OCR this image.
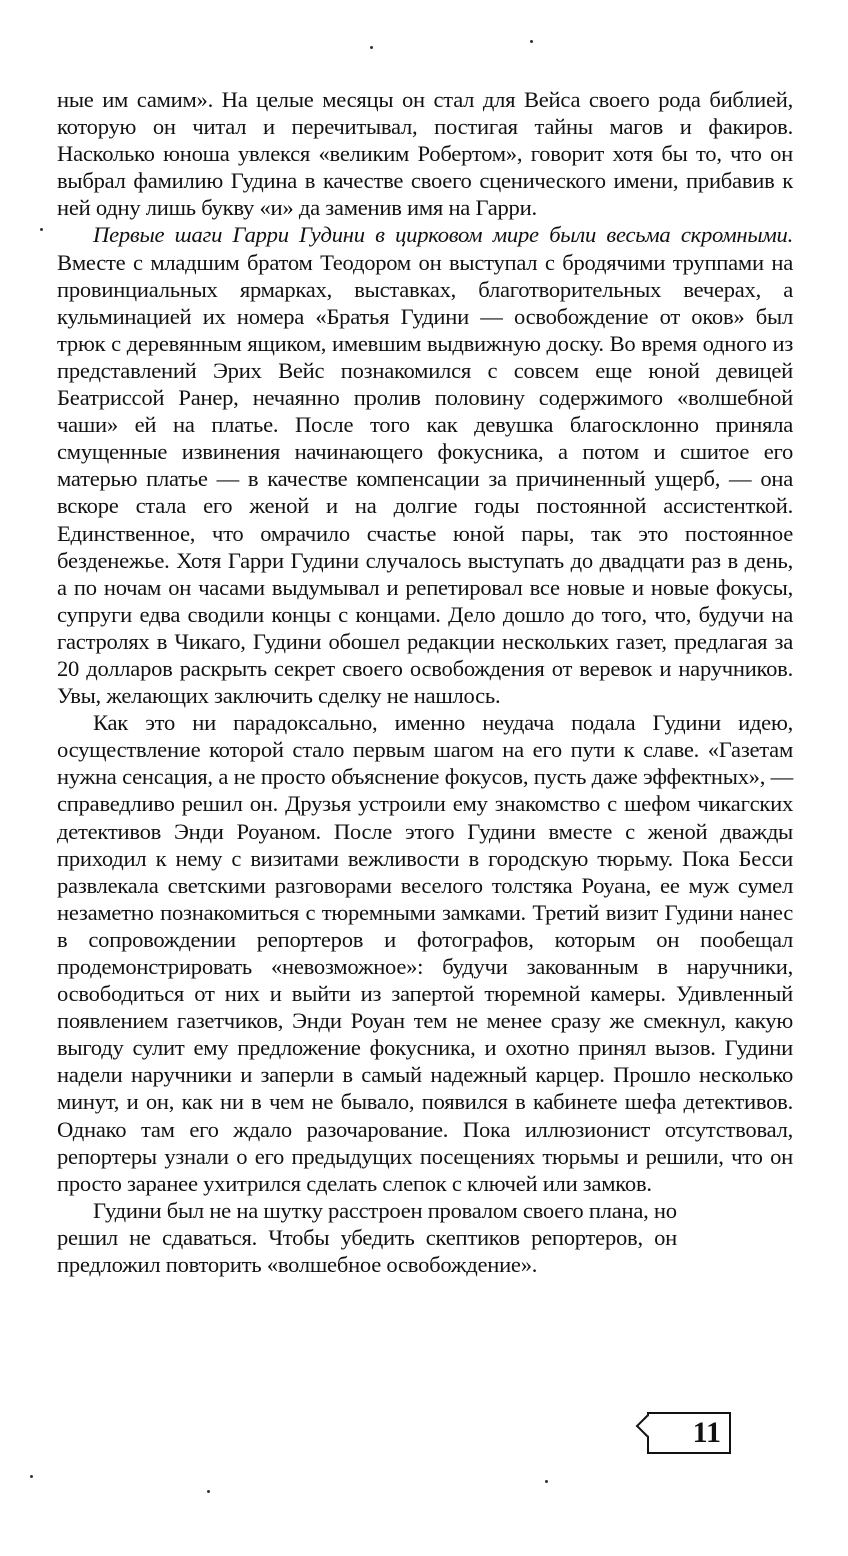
ные им самим». На целые месяцы он стал для Вейса своего рода библией, которую он читал и перечитывал, постигая тайны магов и факиров. Насколько юноша увлекся «великим Робертом», говорит хотя бы то, что он выбрал фамилию Гудина в качестве своего сценического имени, прибавив к ней одну лишь букву «и» да заменив имя на Гарри.

Первые шаги Гарри Гудини в цирковом мире были весьма скромными. Вместе с младшим братом Теодором он выступал с бродячими труппами на провинциальных ярмарках, выставках, благотворительных вечерах, а кульминацией их номера «Братья Гудини — освобождение от оков» был трюк с деревянным ящиком, имевшим выдвижную доску. Во время одного из представлений Эрих Вейс познакомился с совсем еще юной девицей Беатриссой Ранер, нечаянно пролив половину содержимого «волшебной чаши» ей на платье. После того как девушка благосклонно приняла смущенные извинения начинающего фокусника, а потом и сшитое его матерью платье — в качестве компенсации за причиненный ущерб, — она вскоре стала его женой и на долгие годы постоянной ассистенткой. Единственное, что омрачило счастье юной пары, так это постоянное безденежье. Хотя Гарри Гудини случалось выступать до двадцати раз в день, а по ночам он часами выдумывал и репетировал все новые и новые фокусы, супруги едва сводили концы с концами. Дело дошло до того, что, будучи на гастролях в Чикаго, Гудини обошел редакции нескольких газет, предлагая за 20 долларов раскрыть секрет своего освобождения от веревок и наручников. Увы, желающих заключить сделку не нашлось.

Как это ни парадоксально, именно неудача подала Гудини идею, осуществление которой стало первым шагом на его пути к славе. «Газетам нужна сенсация, а не просто объяснение фокусов, пусть даже эффектных», — справедливо решил он. Друзья устроили ему знакомство с шефом чикагских детективов Энди Роуаном. После этого Гудини вместе с женой дважды приходил к нему с визитами вежливости в городскую тюрьму. Пока Бесси развлекала светскими разговорами веселого толстяка Роуана, ее муж сумел незаметно познакомиться с тюремными замками. Третий визит Гудини нанес в сопровождении репортеров и фотографов, которым он пообещал продемонстрировать «невозможное»: будучи закованным в наручники, освободиться от них и выйти из запертой тюремной камеры. Удивленный появлением газетчиков, Энди Роуан тем не менее сразу же смекнул, какую выгоду сулит ему предложение фокусника, и охотно принял вызов. Гудини надели наручники и заперли в самый надежный карцер. Прошло несколько минут, и он, как ни в чем не бывало, появился в кабинете шефа детективов. Однако там его ждало разочарование. Пока иллюзионист отсутствовал, репортеры узнали о его предыдущих посещениях тюрьмы и решили, что он просто заранее ухитрился сделать слепок с ключей или замков.

Гудини был не на шутку расстроен провалом своего плана, но

решил не сдаваться. Чтобы убедить скептиков репортеров, он предложил повторить «волшебное освобождение».

11
